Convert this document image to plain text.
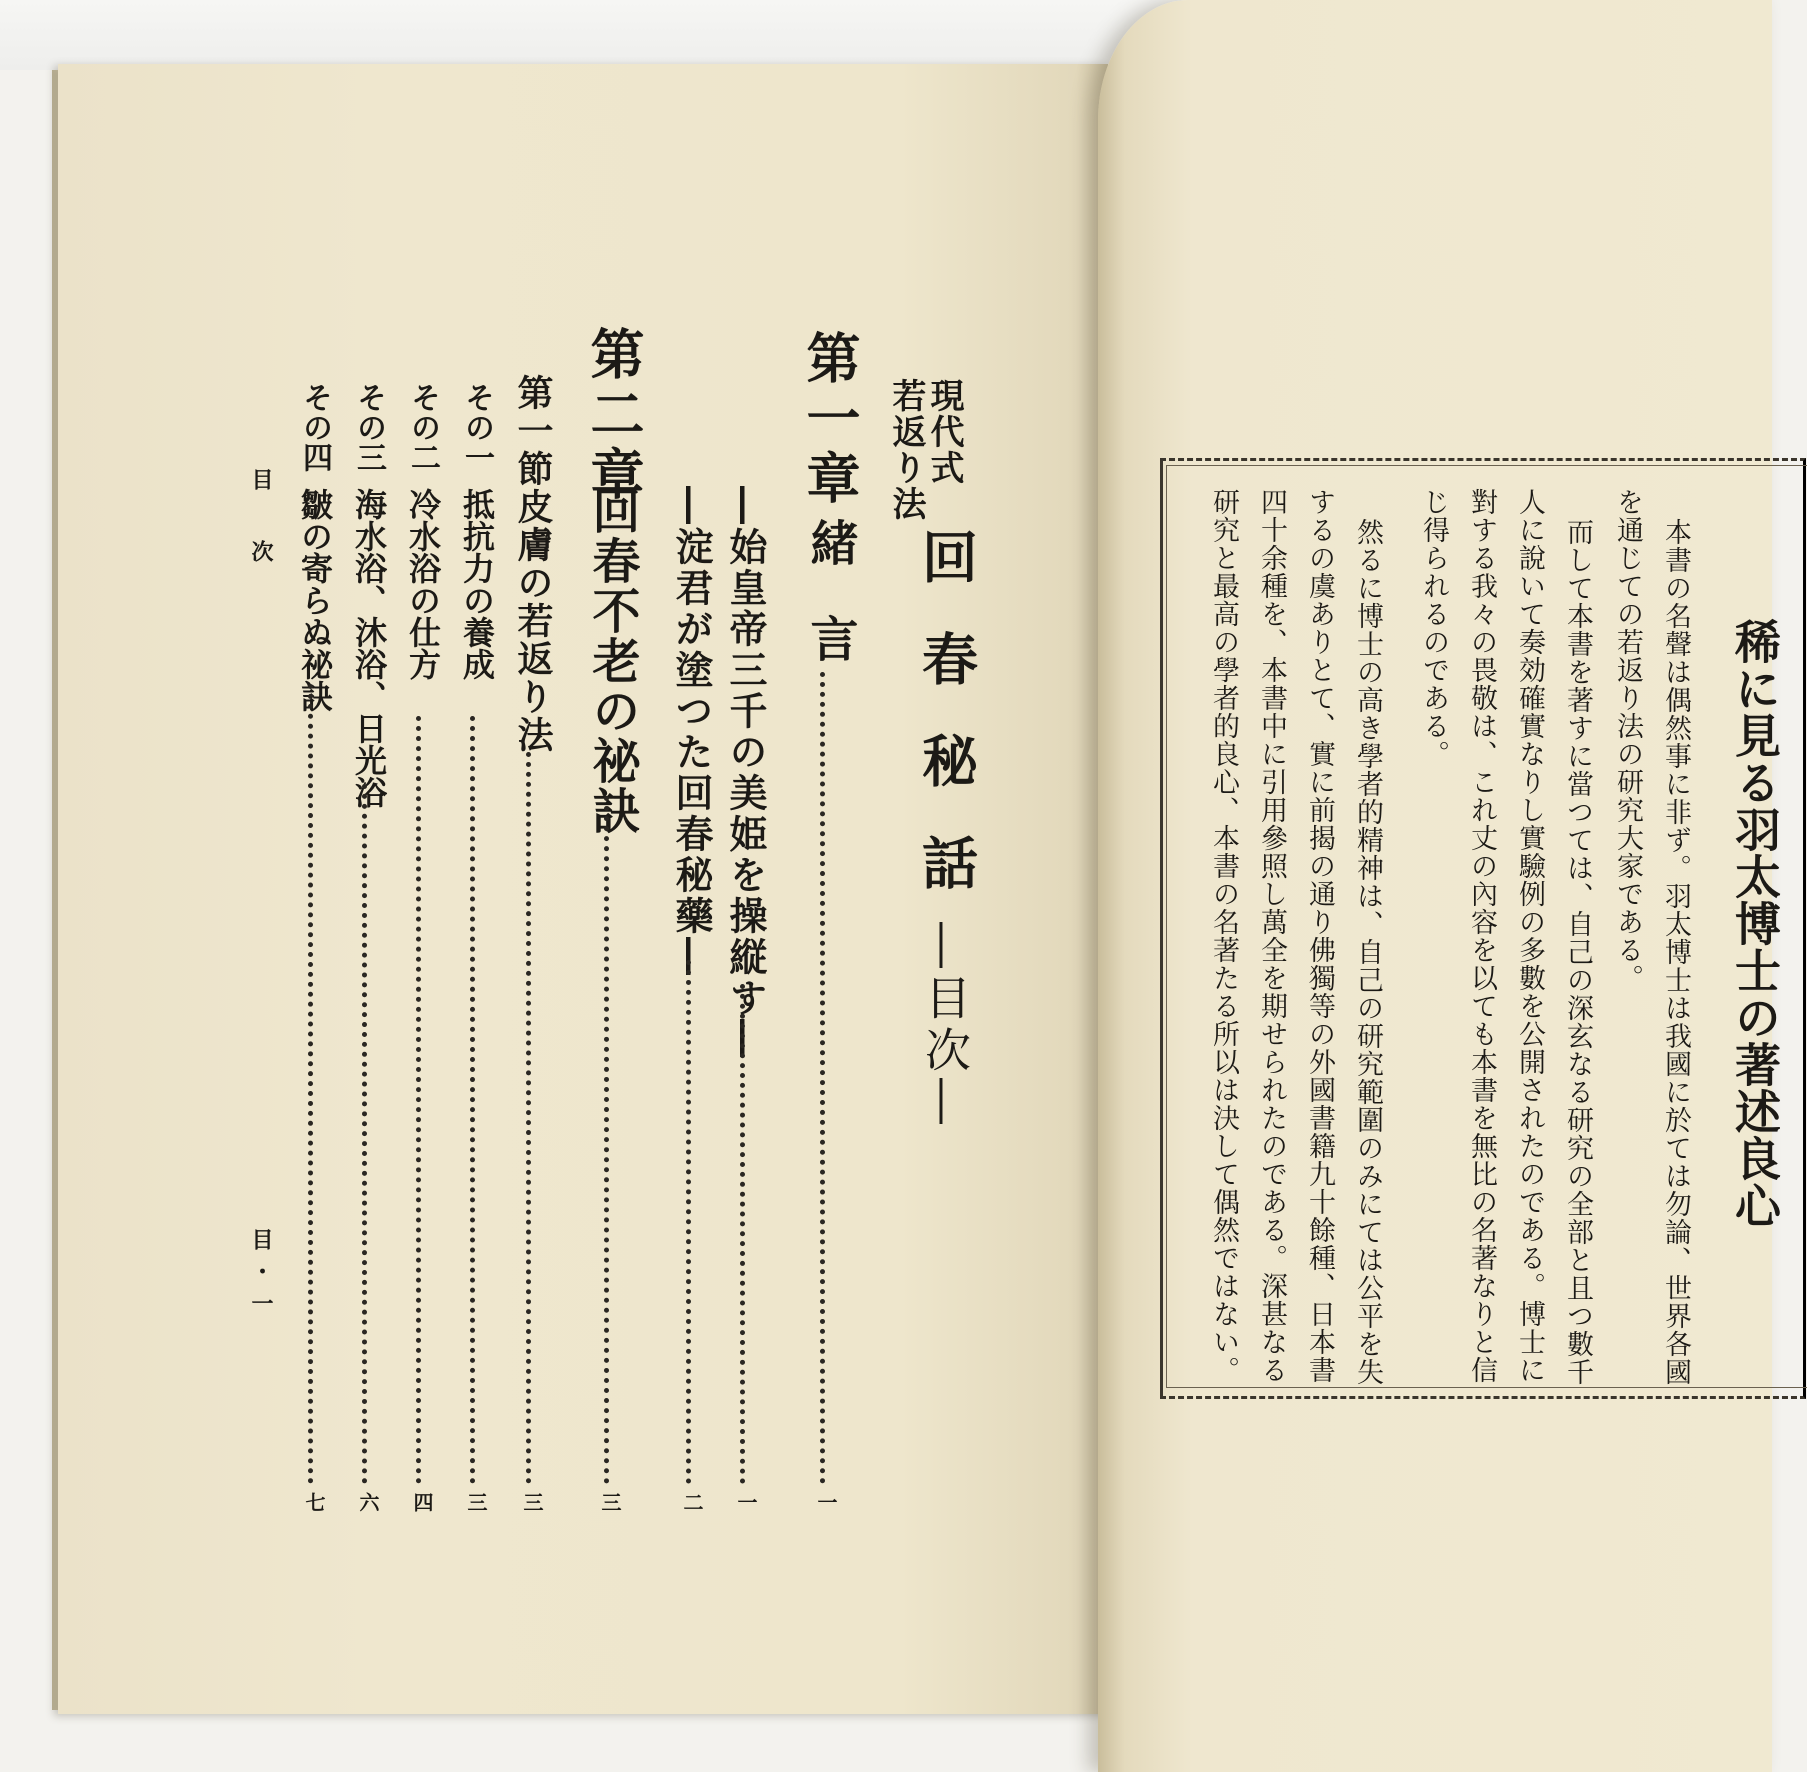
現代式
若返り法
回春秘話
―目次―
第一章
緒　言
一
―始皇帝三千の美姫を操縦す―
一
―淀君が塗つた回春秘藥―
二
第二章
回春不老の祕訣
三
第一節
皮膚の若返り法
三
その一
抵抗力の養成
三
その二
冷水浴の仕方
四
その三
海水浴、沐浴、日光浴
六
その四
皺の寄らぬ祕訣
七
目　次
目・一
稀に見る羽太博士の著述良心
本書の名聲は偶然事に非ず。羽太博士は我國に於ては勿論、世界各國
を通じての若返り法の研究大家である。
而して本書を著すに當つては、自己の深玄なる研究の全部と且つ數千
人に說いて奏効確實なりし實驗例の多數を公開されたのである。博士に
對する我々の畏敬は、これ丈の內容を以ても本書を無比の名著なりと信
じ得られるのである。
然るに博士の高き學者的精神は、自己の研究範圍のみにては公平を失
するの虞ありとて、實に前揭の通り佛獨等の外國書籍九十餘種、日本書
四十余種を、本書中に引用參照し萬全を期せられたのである。深甚なる
研究と最高の學者的良心、本書の名著たる所以は決して偶然ではない。
